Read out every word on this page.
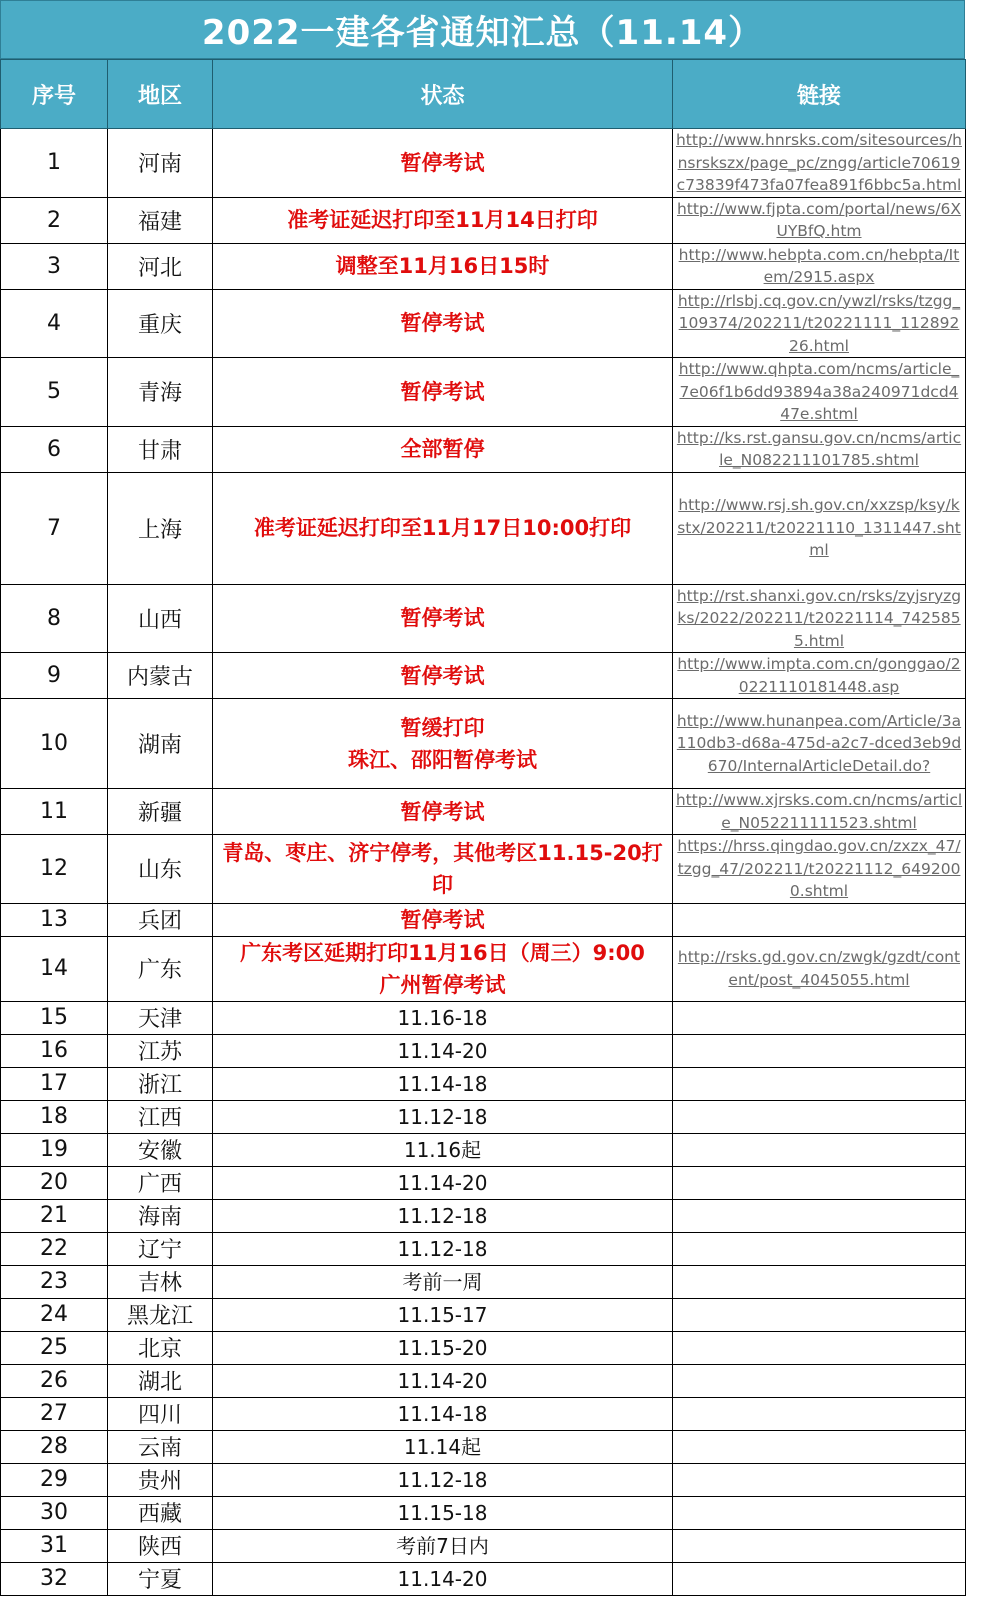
2022一建各省通知汇总（11.14）
序号	地区	状态	链接
1	河南	暂停考试	http://www.hnrsks.com/sitesources/hnsrskszx/page_pc/zngg/article70619c73839f473fa07fea891f6bbc5a.html
2	福建	准考证延迟打印至11月14日打印	http://www.fjpta.com/portal/news/6XUYBfQ.htm
3	河北	调整至11月16日15时	http://www.hebpta.com.cn/hebpta/Item/2915.aspx
4	重庆	暂停考试	http://rlsbj.cq.gov.cn/ywzl/rsks/tzgg_109374/202211/t20221111_11289226.html
5	青海	暂停考试	http://www.qhpta.com/ncms/article_7e06f1b6dd93894a38a240971dcd447e.shtml
6	甘肃	全部暂停	http://ks.rst.gansu.gov.cn/ncms/article_N082211101785.shtml
7	上海	准考证延迟打印至11月17日10:00打印	http://www.rsj.sh.gov.cn/xxzsp/ksy/kstx/202211/t20221110_1311447.shtml
8	山西	暂停考试	http://rst.shanxi.gov.cn/rsks/zyjsryzgks/2022/202211/t20221114_7425855.html
9	内蒙古	暂停考试	http://www.impta.com.cn/gonggao/20221110181448.asp
10	湖南	暂缓打印
珠江、邵阳暂停考试	http://www.hunanpea.com/Article/3a110db3-d68a-475d-a2c7-dced3eb9d670/InternalArticleDetail.do?
11	新疆	暂停考试	http://www.xjrsks.com.cn/ncms/article_N052211111523.shtml
12	山东	青岛、枣庄、济宁停考，其他考区11.15-20打印	https://hrss.qingdao.gov.cn/zxzx_47/tzgg_47/202211/t20221112_6492000.shtml
13	兵团	暂停考试	
14	广东	广东考区延期打印11月16日（周三）9:00
广州暂停考试	http://rsks.gd.gov.cn/zwgk/gzdt/content/post_4045055.html
15	天津	11.16-18	
16	江苏	11.14-20	
17	浙江	11.14-18	
18	江西	11.12-18	
19	安徽	11.16起	
20	广西	11.14-20	
21	海南	11.12-18	
22	辽宁	11.12-18	
23	吉林	考前一周	
24	黑龙江	11.15-17	
25	北京	11.15-20	
26	湖北	11.14-20	
27	四川	11.14-18	
28	云南	11.14起	
29	贵州	11.12-18	
30	西藏	11.15-18	
31	陕西	考前7日内	
32	宁夏	11.14-20	
